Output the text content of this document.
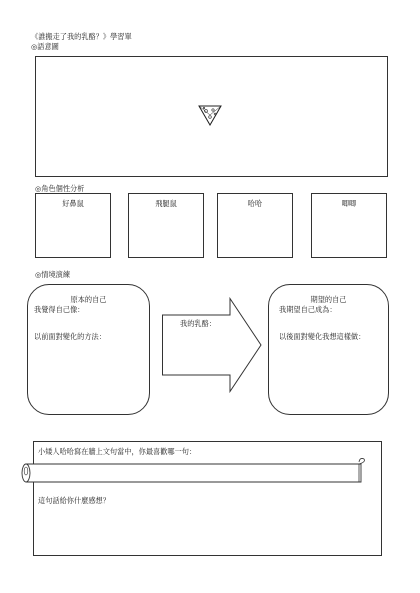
《誰搬走了我的乳酪？》學習單
◎語意圖
◎角色個性分析
好鼻鼠	飛腿鼠	哈哈	唧唧
◎情境演練
原本的自己
我覺得自己像：
以前面對變化的方法：
我的乳酪：
期望的自己
我期望自己成為：
以後面對變化我想這樣做：
小矮人哈哈寫在牆上文句當中，你最喜歡哪一句：
這句話給你什麼感想？
